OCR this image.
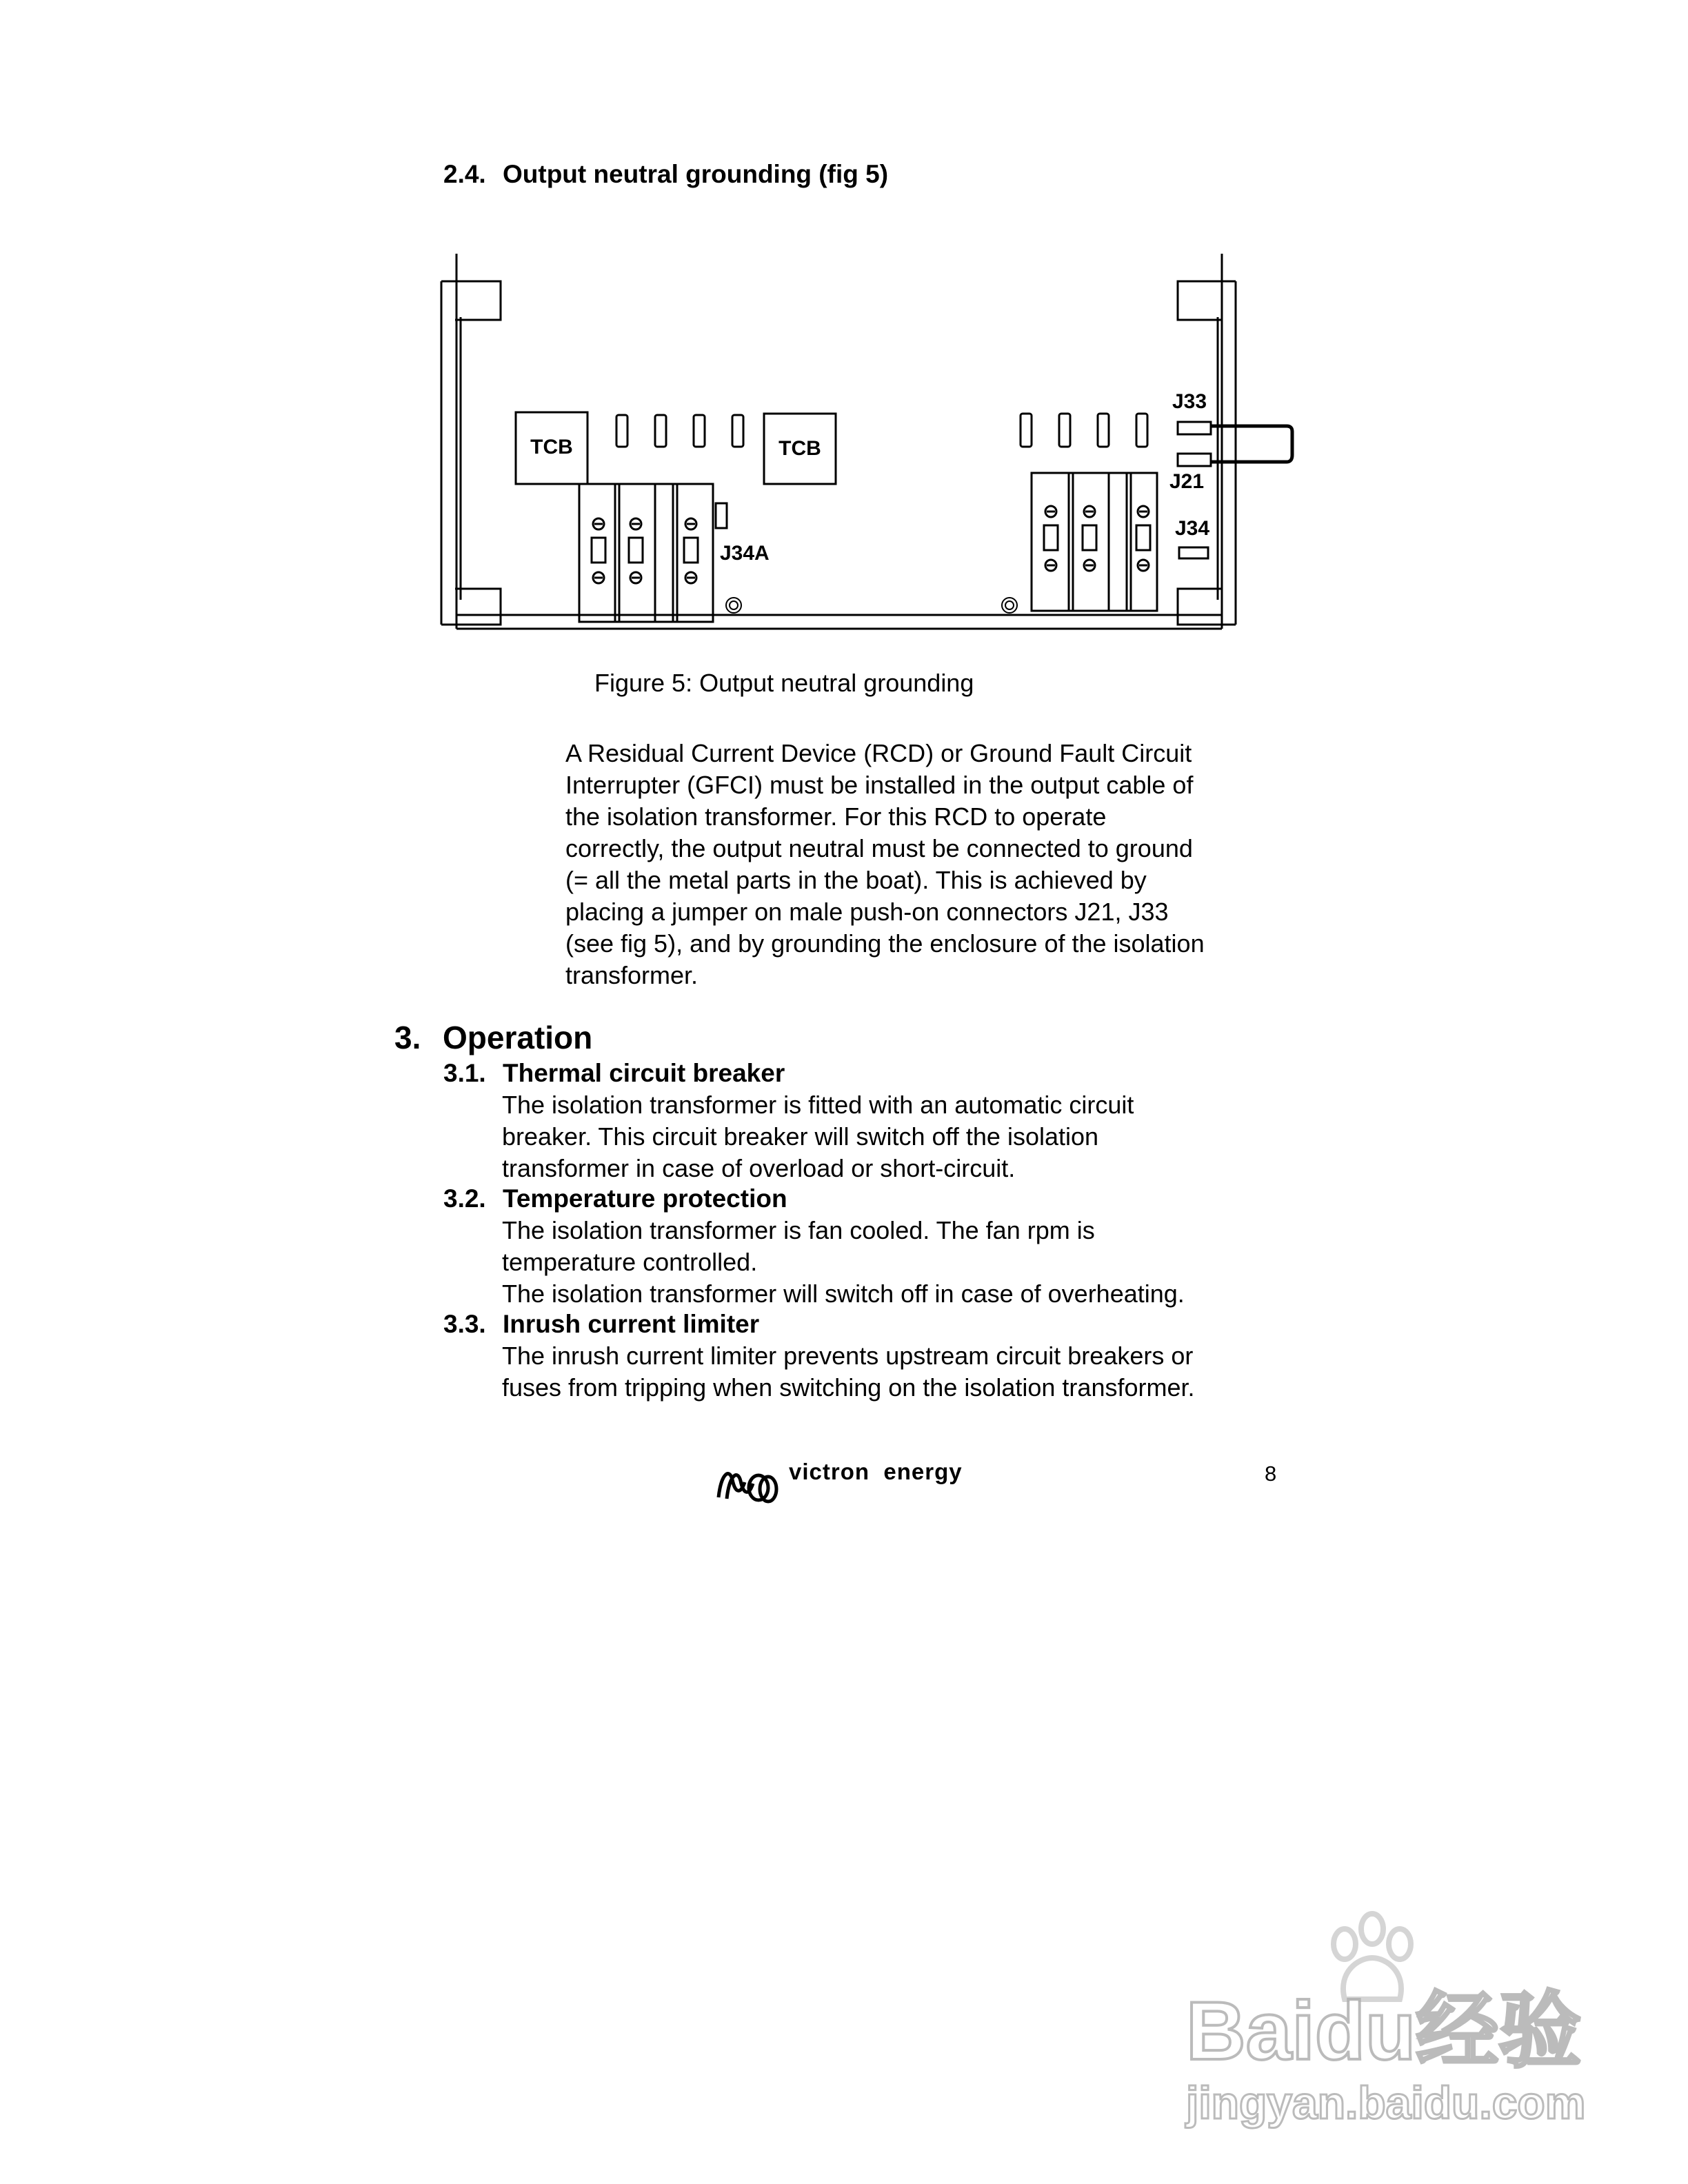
2.4. Output neutral grounding (fig 5)
TCB	TCB
J34A
J33
J21
J34
Figure 5: Output neutral grounding
A Residual Current Device (RCD) or Ground Fault Circuit
Interrupter (GFCI) must be installed in the output cable of
the isolation transformer. For this RCD to operate
correctly, the output neutral must be connected to ground
(= all the metal parts in the boat). This is achieved by
placing a jumper on male push-on connectors J21, J33
(see fig 5), and by grounding the enclosure of the isolation
transformer.
3. Operation
3.1. Thermal circuit breaker
The isolation transformer is fitted with an automatic circuit
breaker. This circuit breaker will switch off the isolation
transformer in case of overload or short-circuit.
3.2. Temperature protection
The isolation transformer is fan cooled. The fan rpm is
temperature controlled.
The isolation transformer will switch off in case of overheating.
3.3. Inrush current limiter
The inrush current limiter prevents upstream circuit breakers or
fuses from tripping when switching on the isolation transformer.
victron  energy	8
Baidu经验
jingyan.baidu.com
